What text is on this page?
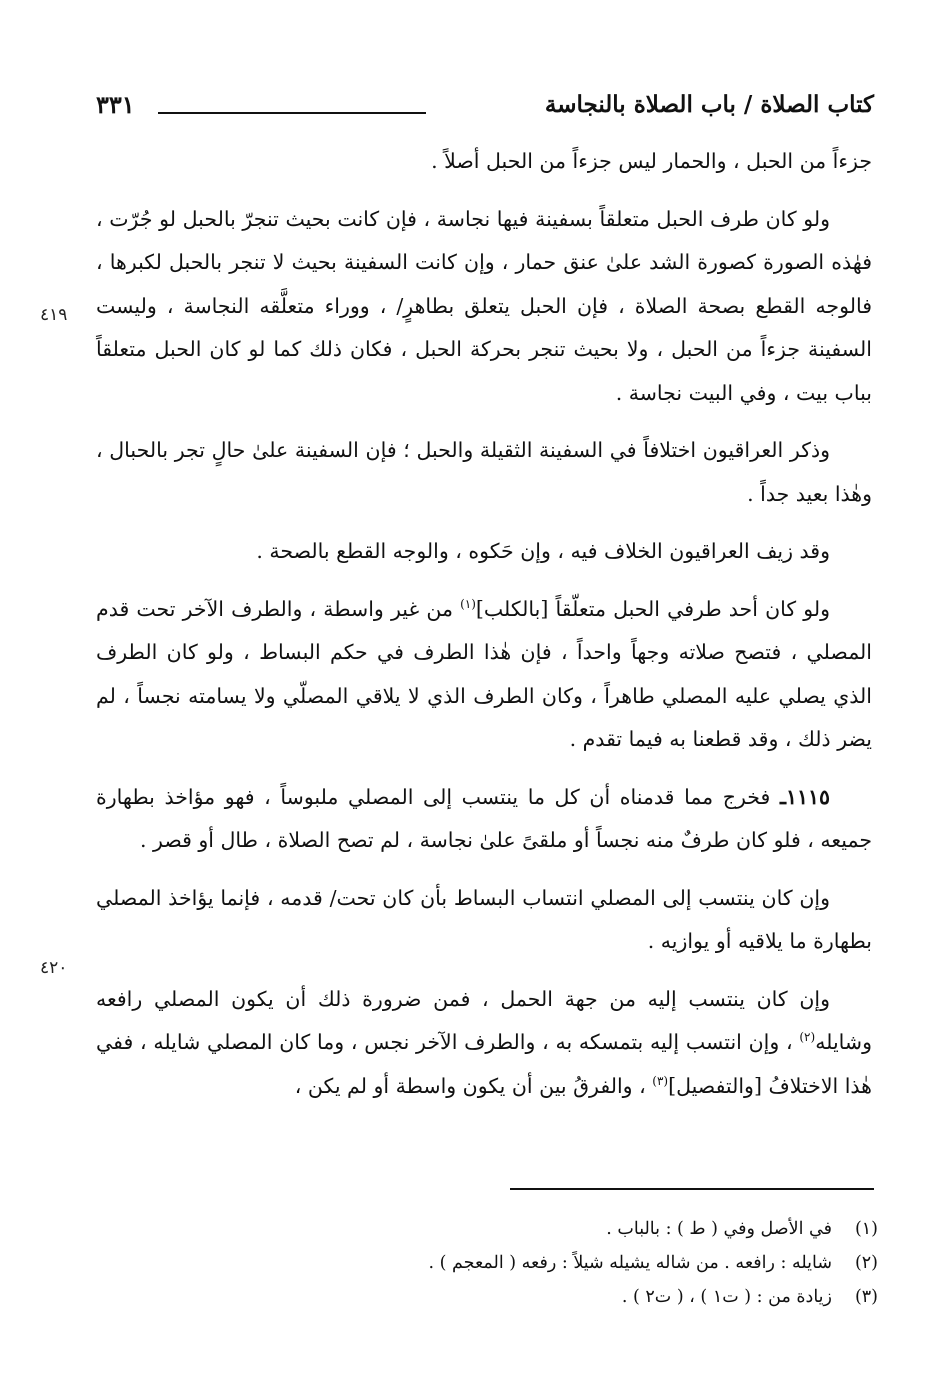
كتاب الصلاة / باب الصلاة بالنجاسة
٣٣١
٤١٩
٤٢٠

جزءاً من الحبل ، والحمار ليس جزءاً من الحبل أصلاً .

ولو كان طرف الحبل متعلقاً بسفينة فيها نجاسة ، فإن كانت بحيث تنجرّ بالحبل لو جُرّت ، فهٰذه الصورة كصورة الشد علىٰ عنق حمار ، وإن كانت السفينة بحيث لا تنجر بالحبل لكبرها ، فالوجه القطع بصحة الصلاة ، فإن الحبل يتعلق بطاهرٍ/ ، ووراء متعلَّقه النجاسة ، وليست السفينة جزءاً من الحبل ، ولا بحيث تنجر بحركة الحبل ، فكان ذلك كما لو كان الحبل متعلقاً بباب بيت ، وفي البيت نجاسة .

وذكر العراقيون اختلافاً في السفينة الثقيلة والحبل ؛ فإن السفينة علىٰ حالٍ تجر بالحبال ، وهٰذا بعيد جداً .

وقد زيف العراقيون الخلاف فيه ، وإن حَكوه ، والوجه القطع بالصحة .

ولو كان أحد طرفي الحبل متعلّقاً [بالكلب]$^{(١)}$ من غير واسطة ، والطرف الآخر تحت قدم المصلي ، فتصح صلاته وجهاً واحداً ، فإن هٰذا الطرف في حكم البساط ، ولو كان الطرف الذي يصلي عليه المصلي طاهراً ، وكان الطرف الذي لا يلاقي المصلّي ولا يسامته نجساً ، لم يضر ذلك ، وقد قطعنا به فيما تقدم .

١١١٥ـ فخرج مما قدمناه أن كل ما ينتسب إلى المصلي ملبوساً ، فهو مؤاخذ بطهارة جميعه ، فلو كان طرفٌ منه نجساً أو ملقىً علىٰ نجاسة ، لم تصح الصلاة ، طال أو قصر .

وإن كان ينتسب إلى المصلي انتساب البساط بأن كان تحت/ قدمه ، فإنما يؤاخذ المصلي بطهارة ما يلاقيه أو يوازيه .

وإن كان ينتسب إليه من جهة الحمل ، فمن ضرورة ذلك أن يكون المصلي رافعه وشايله$^{(٢)}$ ، وإن انتسب إليه بتمسكه به ، والطرف الآخر نجس ، وما كان المصلي شايله ، ففي هٰذا الاختلافُ [والتفصيل]$^{(٣)}$ ، والفرقُ بين أن يكون واسطة أو لم يكن ،

(١)في الأصل وفي ( ط ) : بالباب .
(٢)شايله : رافعه . من شاله يشيله شيلاً : رفعه ( المعجم ) .
(٣)زيادة من : ( ت١ ) ، ( ت٢ ) .
